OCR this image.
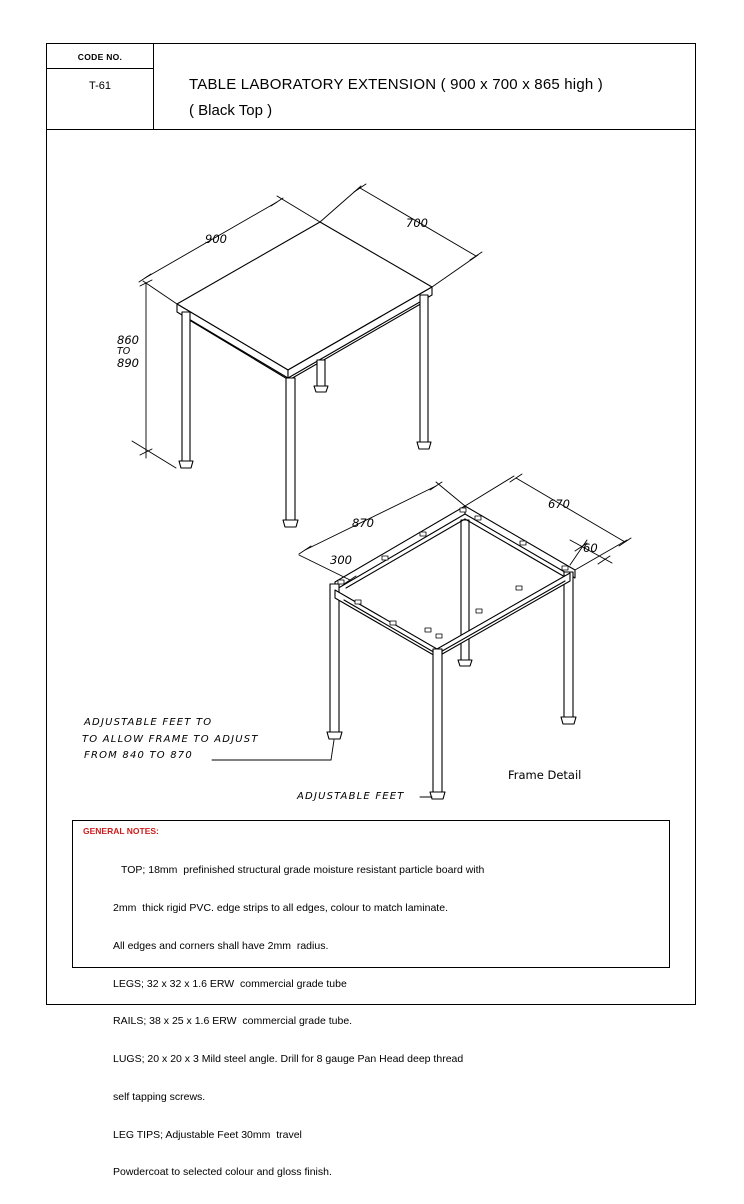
CODE NO.
T-61	TABLE LABORATORY EXTENSION ( 900 x 700 x 865 high )
( Black Top )
900
700
860
TO
890
870
670
300
60
Frame Detail
ADJUSTABLE FEET TO
TO ALLOW FRAME TO ADJUST
FROM 840 TO 870
ADJUSTABLE FEET
GENERAL NOTES:

TOP; 18mm  prefinished structural grade moisture resistant particle board with

2mm  thick rigid PVC. edge strips to all edges, colour to match laminate.

All edges and corners shall have 2mm  radius.

LEGS; 32 x 32 x 1.6 ERW  commercial grade tube

RAILS; 38 x 25 x 1.6 ERW  commercial grade tube.

LUGS; 20 x 20 x 3 Mild steel angle. Drill for 8 gauge Pan Head deep thread

self tapping screws.

LEG TIPS; Adjustable Feet 30mm  travel

Powdercoat to selected colour and gloss finish.
